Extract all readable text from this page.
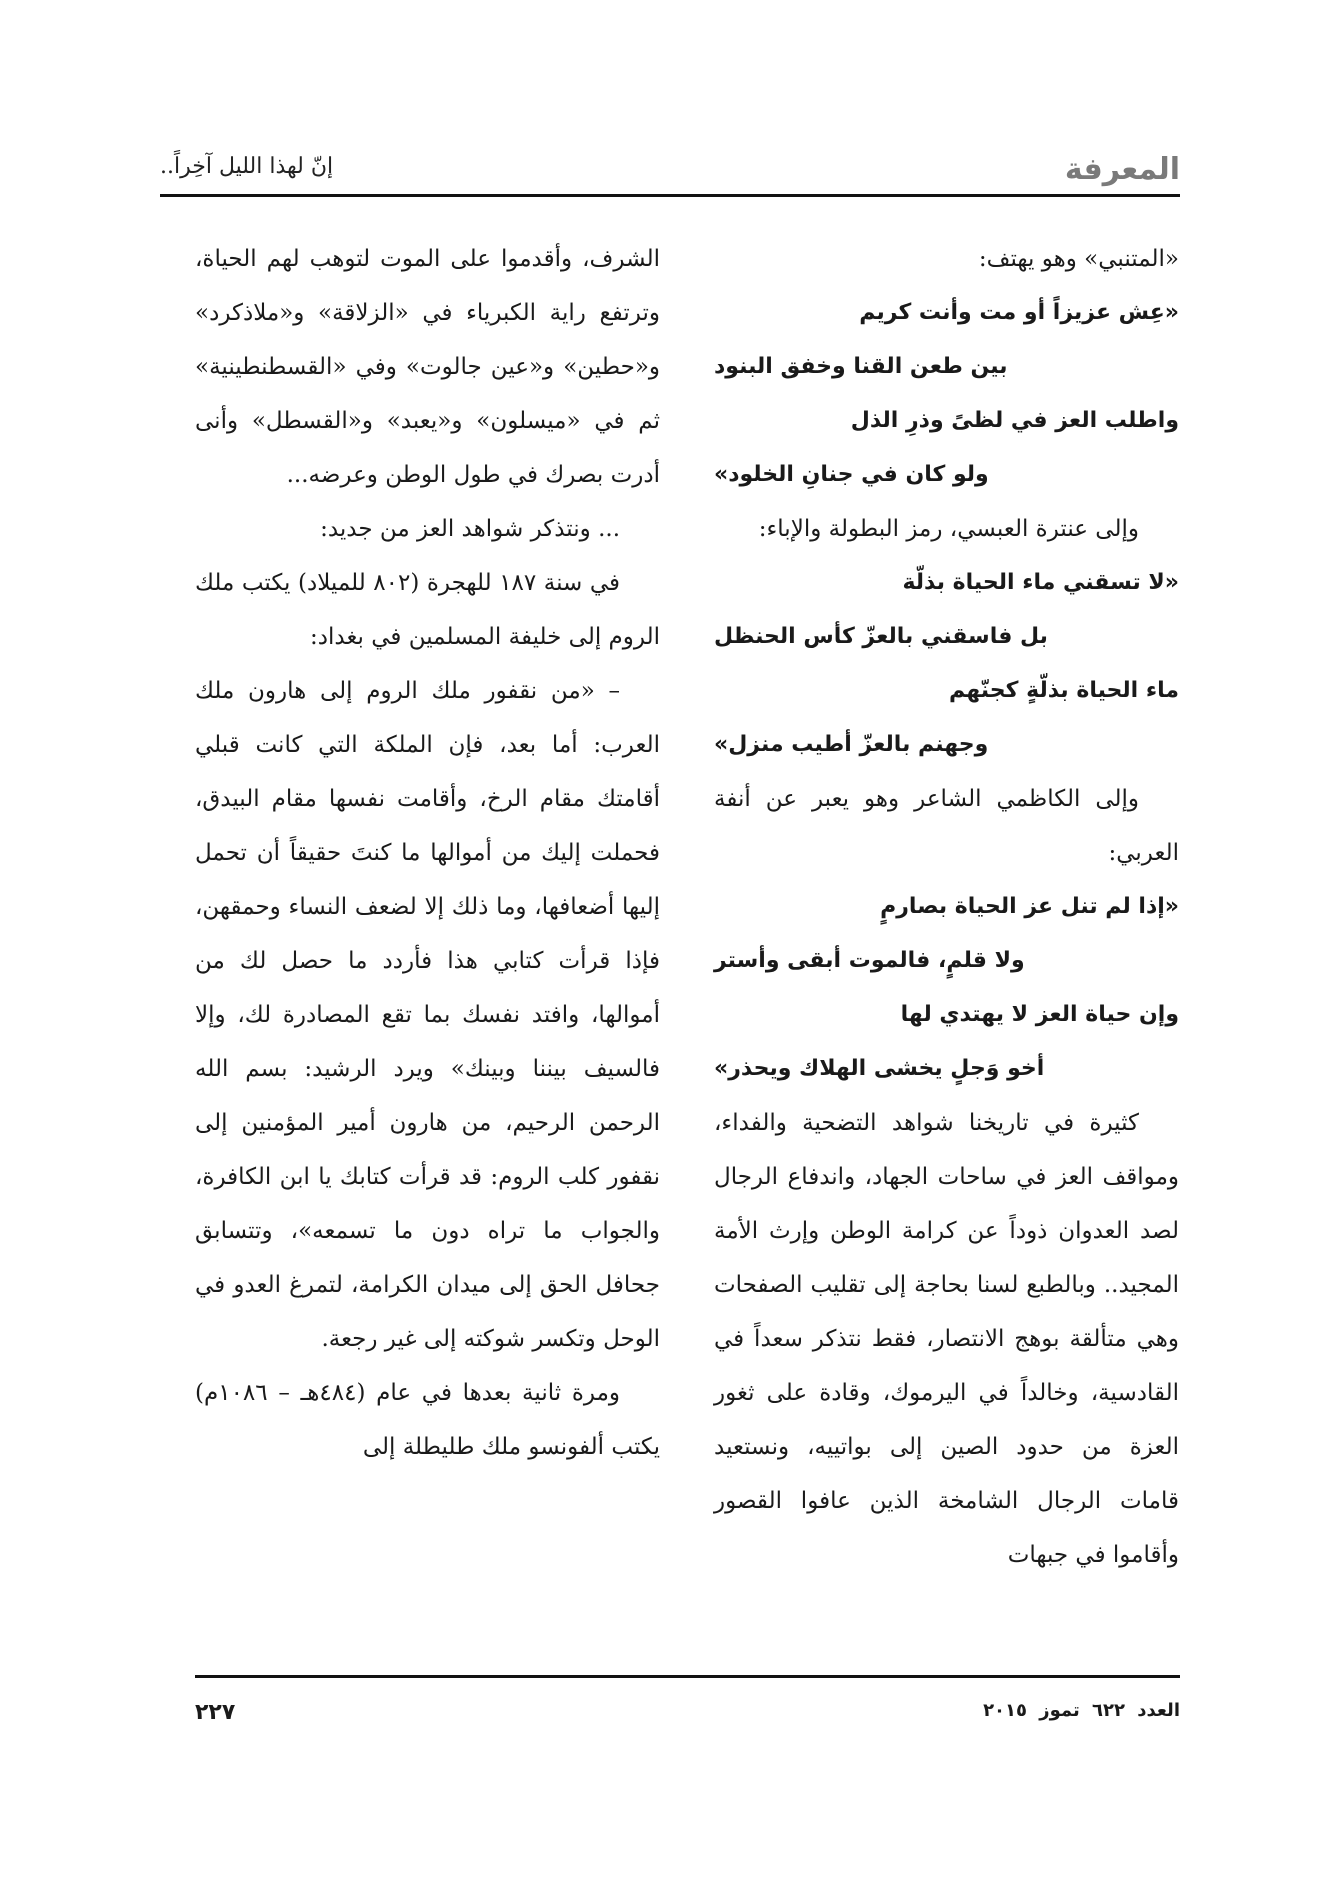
المعرفة
إنّ لهذا الليل آخِراً..

«المتنبي» وهو يهتف:

«عِش عزيزاً أو مت وأنت كريم

بين طعن القنا وخفق البنود

واطلب العز في لظىً وذرِ الذل

ولو كان في جنانِ الخلود»

وإلى عنترة العبسي، رمز البطولة والإباء:

«لا تسقني ماء الحياة بذلّة

بل فاسقني بالعزّ كأس الحنظل

ماء الحياة بذلّةٍ كجنّهم

وجهنم بالعزّ أطيب منزل»

وإلى الكاظمي الشاعر وهو يعبر عن أنفة العربي:

«إذا لم تنل عز الحياة بصارمٍ

ولا قلمٍ، فالموت أبقى وأستر

وإن حياة العز لا يهتدي لها

أخو وَجلٍ يخشى الهلاك ويحذر»

كثيرة في تاريخنا شواهد التضحية والفداء، ومواقف العز في ساحات الجهاد، واندفاع الرجال لصد العدوان ذوداً عن كرامة الوطن وإرث الأمة المجيد.. وبالطبع لسنا بحاجة إلى تقليب الصفحات وهي متألقة بوهج الانتصار، فقط نتذكر سعداً في القادسية، وخالداً في اليرموك، وقادة على ثغور العزة من حدود الصين إلى بواتييه، ونستعيد قامات الرجال الشامخة الذين عافوا القصور وأقاموا في جبهات

الشرف، وأقدموا على الموت لتوهب لهم الحياة، وترتفع راية الكبرياء في «الزلاقة» و«ملاذكرد» و«حطين» و«عين جالوت» وفي «القسطنطينية» ثم في «ميسلون» و«يعبد» و«القسطل» وأنى أدرت بصرك في طول الوطن وعرضه...

... ونتذكر شواهد العز من جديد:

في سنة ١٨٧ للهجرة (٨٠٢ للميلاد) يكتب ملك الروم إلى خليفة المسلمين في بغداد:

– «من نقفور ملك الروم إلى هارون ملك العرب: أما بعد، فإن الملكة التي كانت قبلي أقامتك مقام الرخ، وأقامت نفسها مقام البيدق، فحملت إليك من أموالها ما كنتَ حقيقاً أن تحمل إليها أضعافها، وما ذلك إلا لضعف النساء وحمقهن، فإذا قرأت كتابي هذا فأردد ما حصل لك من أموالها، وافتد نفسك بما تقع المصادرة لك، وإلا فالسيف بيننا وبينك» ويرد الرشيد: بسم الله الرحمن الرحيم، من هارون أمير المؤمنين إلى نقفور كلب الروم: قد قرأت كتابك يا ابن الكافرة، والجواب ما تراه دون ما تسمعه»، وتتسابق جحافل الحق إلى ميدان الكرامة، لتمرغ العدو في الوحل وتكسر شوكته إلى غير رجعة.

ومرة ثانية بعدها في عام (٤٨٤هـ – ١٠٨٦م) يكتب ألفونسو ملك طليطلة إلى

العدد ٦٢٢ تموز ٢٠١٥
٢٢٧
